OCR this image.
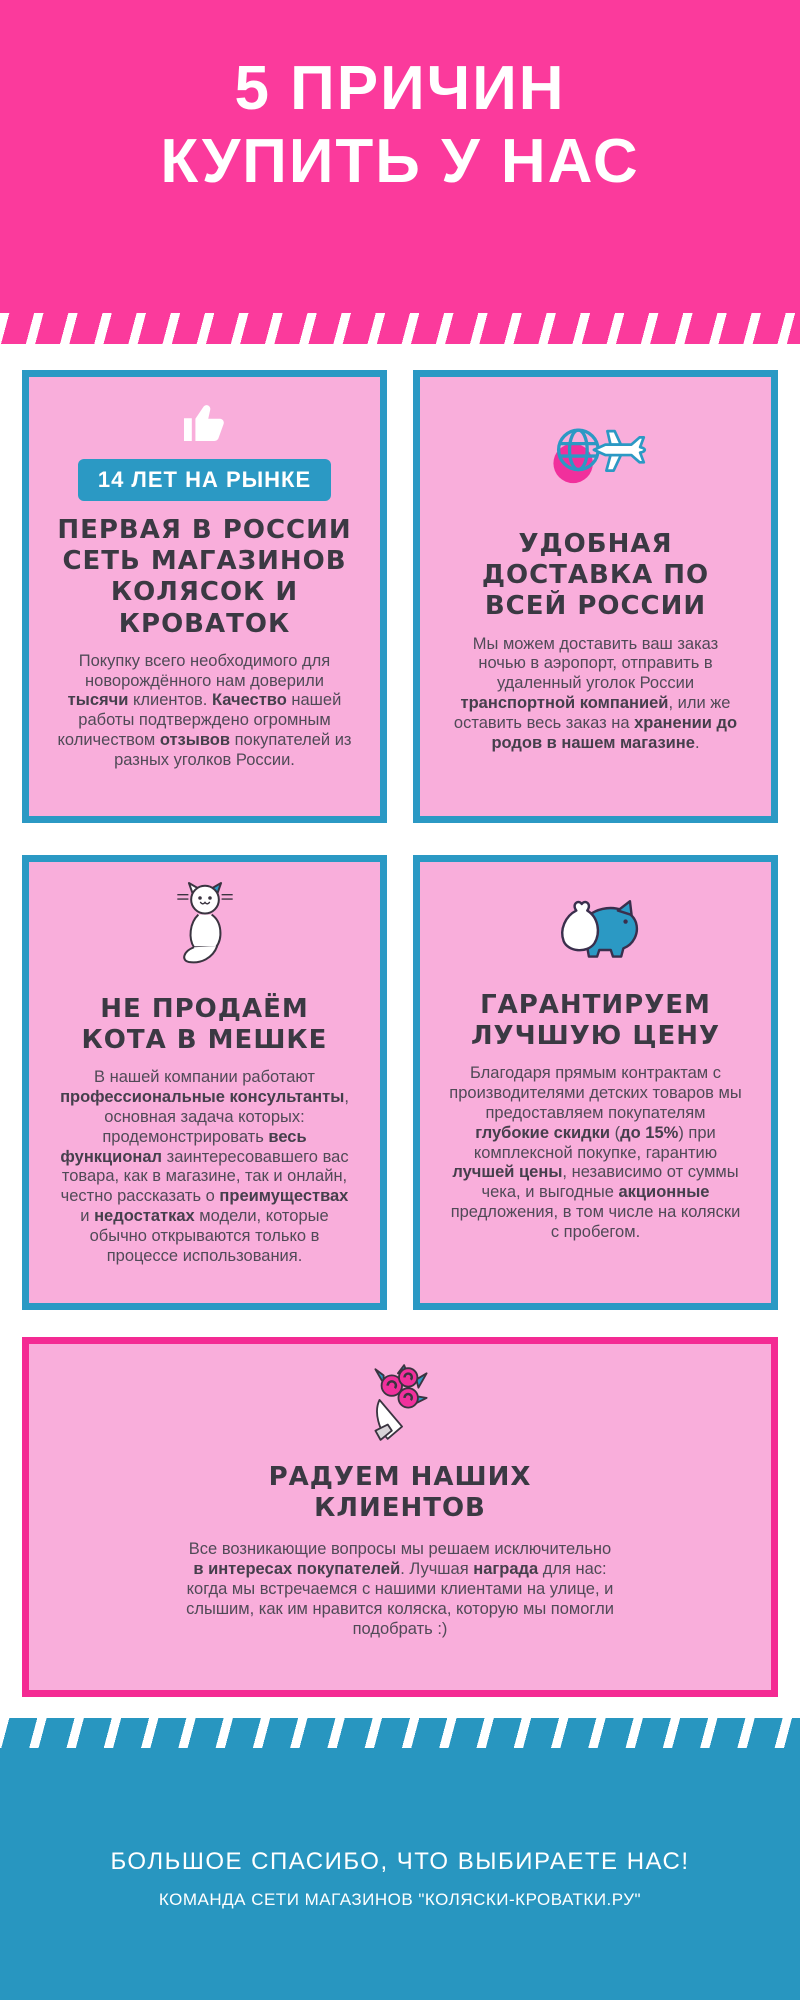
5 ПРИЧИН
КУПИТЬ У НАС
14 ЛЕТ НА РЫНКЕ
ПЕРВАЯ В РОССИИ СЕТЬ МАГАЗИНОВ КОЛЯСОК И КРОВАТОК

Покупку всего необходимого для новорождённого нам доверили тысячи клиентов. Качество нашей работы подтверждено огромным количеством отзывов покупателей из разных уголков России.

УДОБНАЯ ДОСТАВКА ПО ВСЕЙ РОССИИ

Мы можем доставить ваш заказ ночью в аэропорт, отправить в удаленный уголок России транспортной компанией, или же оставить весь заказ на хранении до родов в нашем магазине.

НЕ ПРОДАЁМ КОТА В МЕШКЕ

В нашей компании работают профессиональные консультанты, основная задача которых: продемонстрировать весь функционал заинтересовавшего вас товара, как в магазине, так и онлайн, честно рассказать о преимуществах и недостатках модели, которые обычно открываются только в процессе использования.

ГАРАНТИРУЕМ ЛУЧШУЮ ЦЕНУ

Благодаря прямым контрактам с производителями детских товаров мы предоставляем покупателям глубокие скидки (до 15%) при комплексной покупке, гарантию лучшей цены, независимо от суммы чека, и выгодные акционные предложения, в том числе на коляски с пробегом.

РАДУЕМ НАШИХ КЛИЕНТОВ

Все возникающие вопросы мы решаем исключительно в интересах покупателей. Лучшая награда для нас: когда мы встречаемся с нашими клиентами на улице, и слышим, как им нравится коляска, которую мы помогли подобрать :)

БОЛЬШОЕ СПАСИБО, ЧТО ВЫБИРАЕТЕ НАС!
КОМАНДА СЕТИ МАГАЗИНОВ "КОЛЯСКИ-КРОВАТКИ.РУ"
